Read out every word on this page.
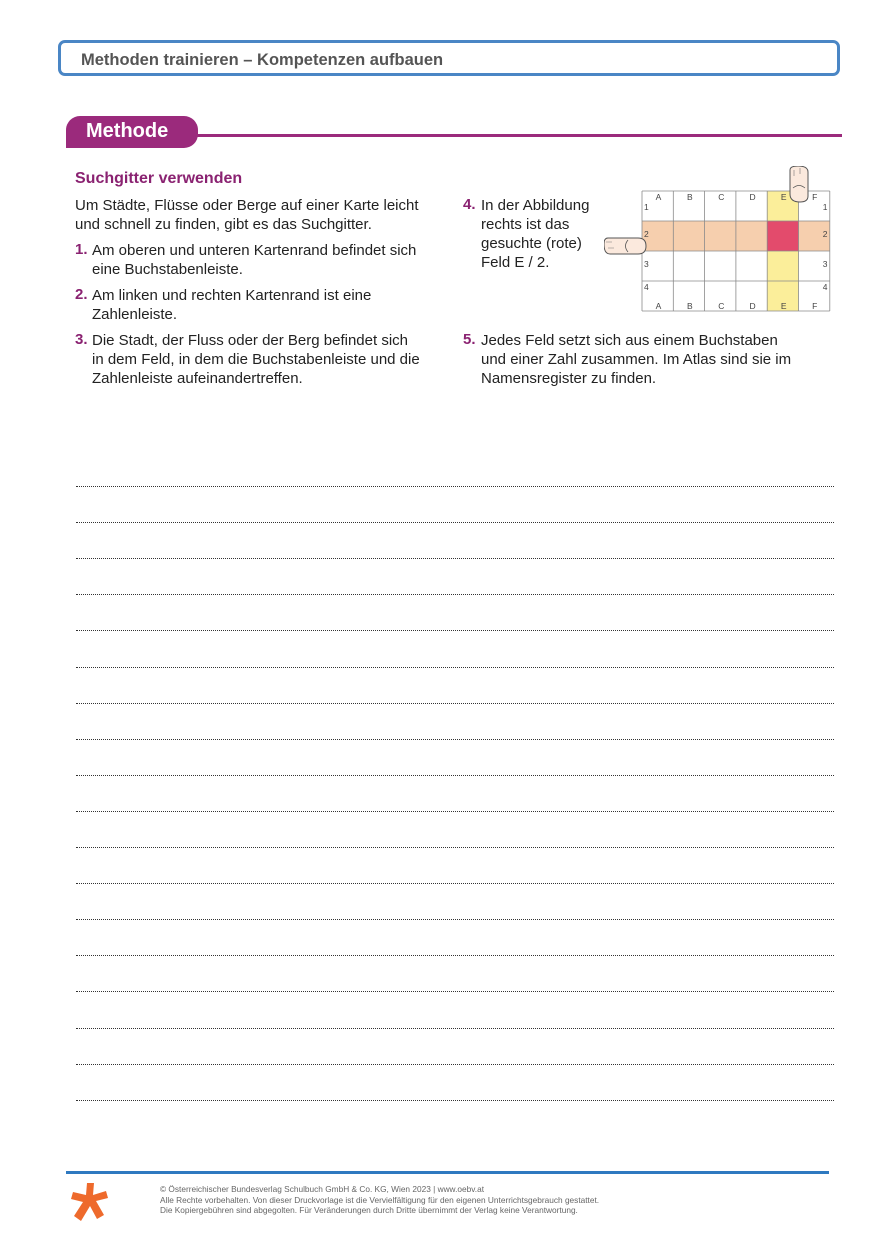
Methoden trainieren – Kompetenzen aufbauen
Methode
Suchgitter verwenden
Um Städte, Flüsse oder Berge auf einer Karte leicht
und schnell zu finden, gibt es das Suchgitter.
1. Am oberen und unteren Kartenrand befindet sich
eine Buchstabenleiste.
2. Am linken und rechten Kartenrand ist eine
Zahlenleiste.
3. Die Stadt, der Fluss oder der Berg befindet sich
in dem Feld, in dem die Buchstabenleiste und die
Zahlenleiste aufeinandertreffen.
4. In der Abbildung
rechts ist das
gesuchte (rote)
Feld E / 2.
5. Jedes Feld setzt sich aus einem Buchstaben
und einer Zahl zusammen. Im Atlas sind sie im
Namensregister zu finden.
A
A
B
B
C
C
D
D
E
E
F
F
1	1
2	2
3	3
4	4
© Österreichischer Bundesverlag Schulbuch GmbH & Co. KG, Wien 2023 | www.oebv.at
Alle Rechte vorbehalten. Von dieser Druckvorlage ist die Vervielfältigung für den eigenen Unterrichtsgebrauch gestattet.
Die Kopiergebühren sind abgegolten. Für Veränderungen durch Dritte übernimmt der Verlag keine Verantwortung.
